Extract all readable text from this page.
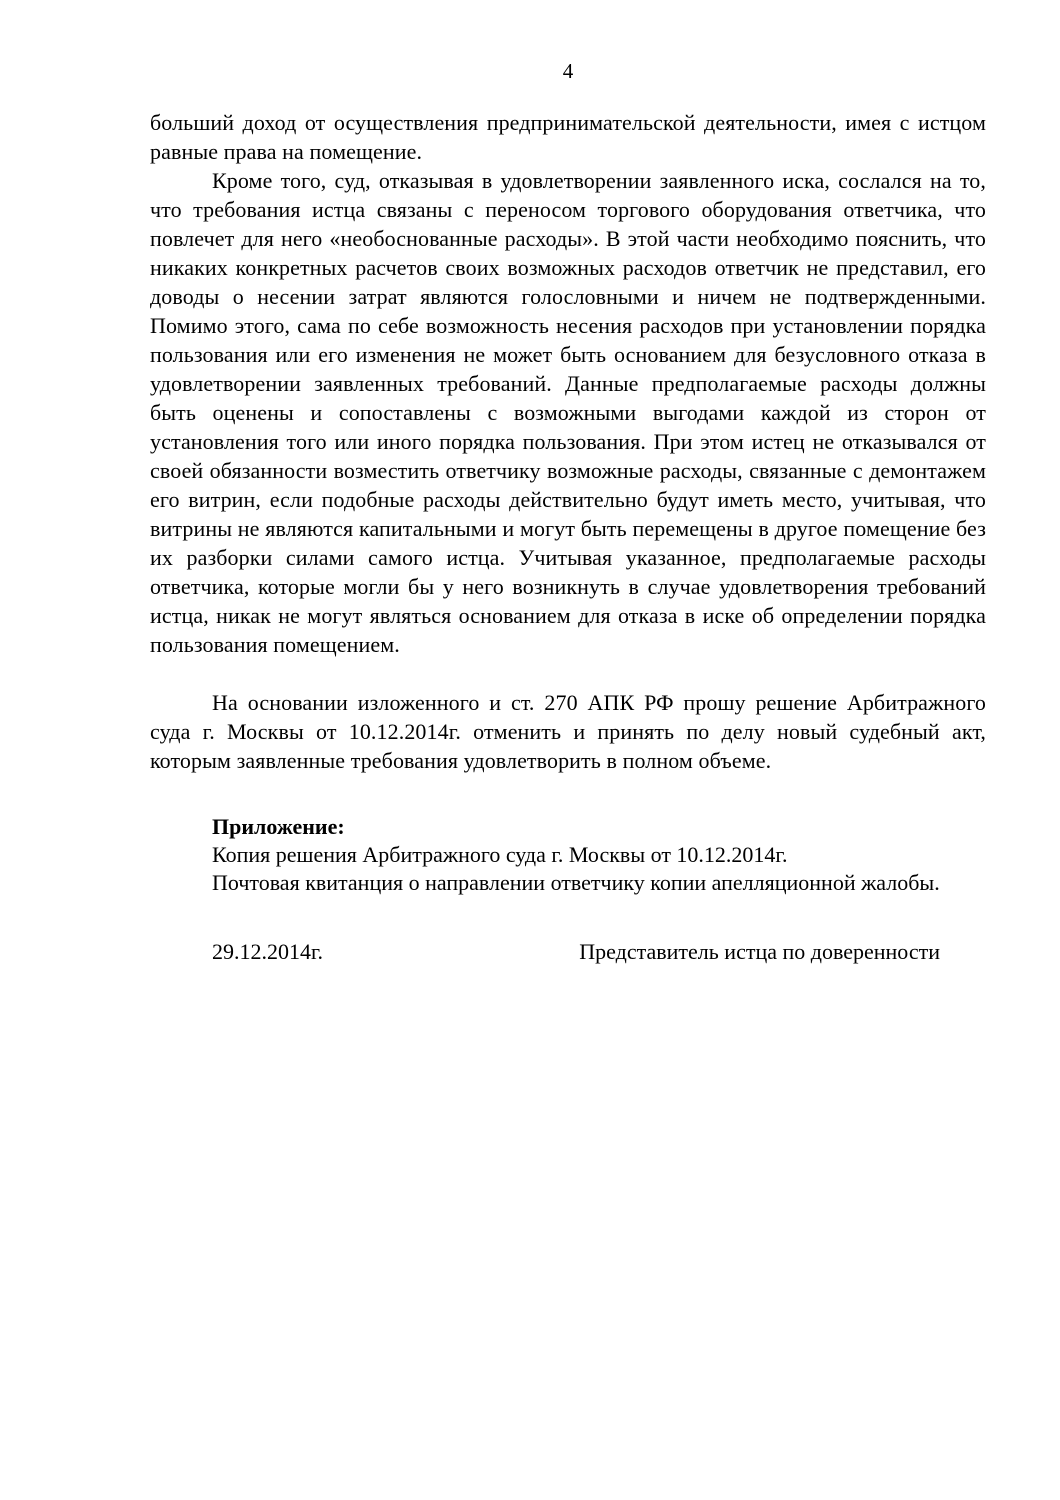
4

больший доход от осуществления предпринимательской деятельности, имея с истцом равные права на помещение.

Кроме того, суд, отказывая в удовлетворении заявленного иска, сослался на то, что требования истца связаны с переносом торгового оборудования ответчика, что повлечет для него «необоснованные расходы». В этой части необходимо пояснить, что никаких конкретных расчетов своих возможных расходов ответчик не представил, его доводы о несении затрат являются голословными и ничем не подтвержденными. Помимо этого, сама по себе возможность несения расходов при установлении порядка пользования или его изменения не может быть основанием для безусловного отказа в удовлетворении заявленных требований. Данные предполагаемые расходы должны быть оценены и сопоставлены с возможными выгодами каждой из сторон от установления того или иного порядка пользования. При этом истец не отказывался от своей обязанности возместить ответчику возможные расходы, связанные с демонтажем его витрин, если подобные расходы действительно будут иметь место, учитывая, что витрины не являются капитальными и могут быть перемещены в другое помещение без их разборки силами самого истца. Учитывая указанное, предполагаемые расходы ответчика, которые могли бы у него возникнуть в случае удовлетворения требований истца, никак не могут являться основанием для отказа в иске об определении порядка пользования помещением.

На основании изложенного и ст. 270 АПК РФ прошу решение Арбитражного суда г. Москвы от 10.12.2014г. отменить и принять по делу новый судебный акт, которым заявленные требования удовлетворить в полном объеме.

Приложение:

Копия решения Арбитражного суда г. Москвы от 10.12.2014г.

Почтовая квитанция о направлении ответчику копии апелляционной жалобы.

29.12.2014г.	Представитель истца по доверенности
